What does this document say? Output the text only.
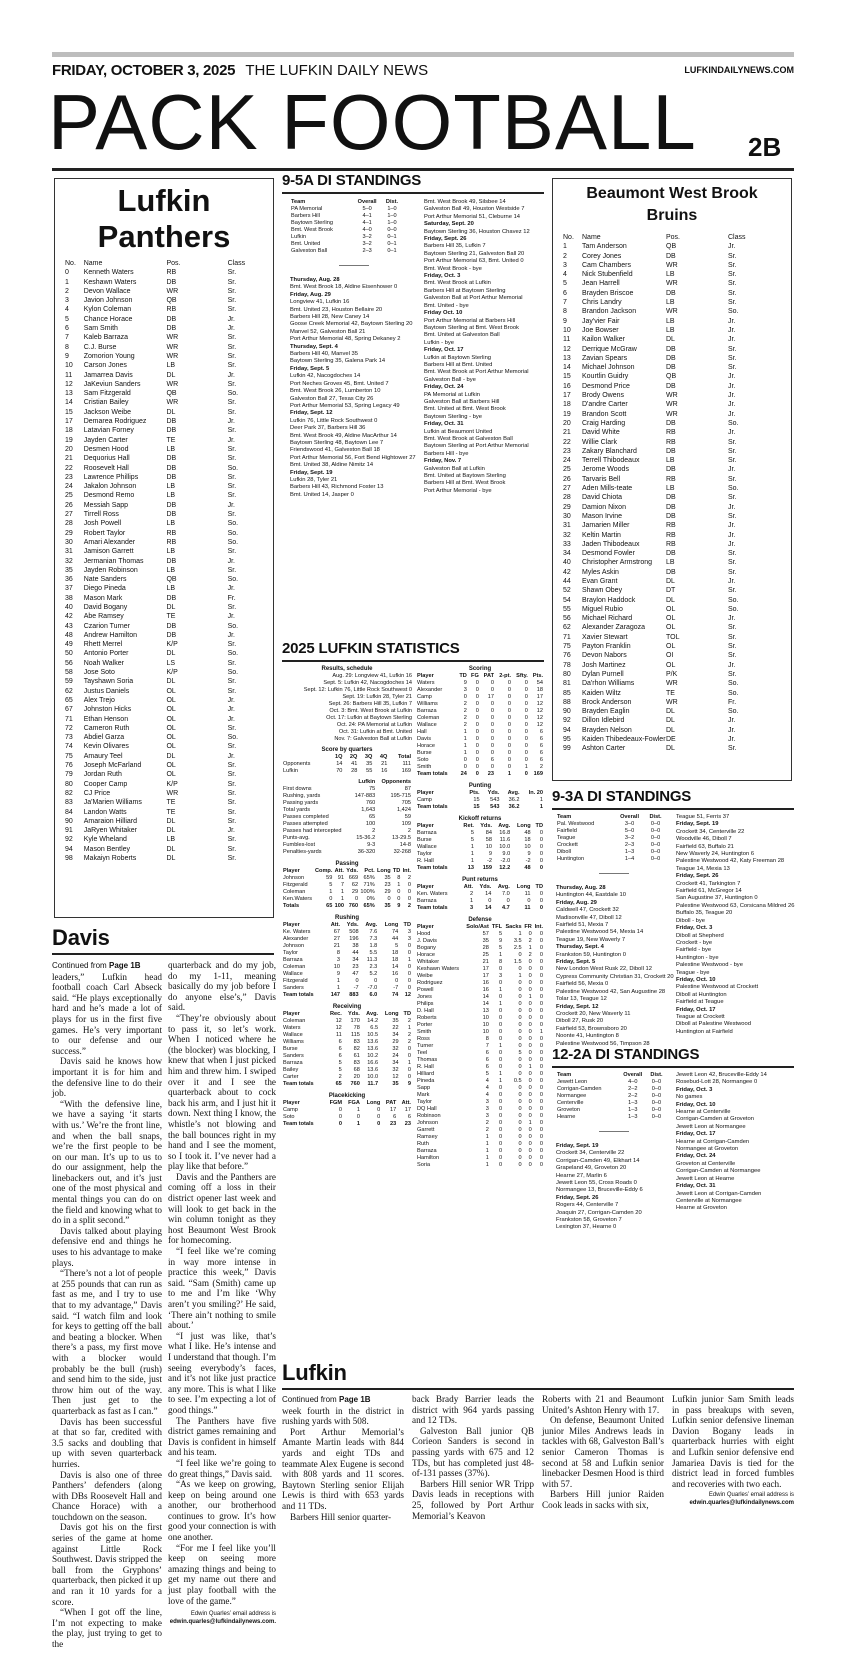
FRIDAY, OCTOBER 3, 2025 THE LUFKIN DAILY NEWS	LUFKINDAILYNEWS.COM
PACK FOOTBALL 2B
Lufkin Panthers
No.	Name	Pos.	Class
0	Kenneth Waters	RB	Sr.
1	Keshawn Waters	DB	Sr.
2	Devon Wallace	WR	Sr.
3	Javion Johnson	QB	Sr.
4	Kylon Coleman	RB	Sr.
5	Chance Horace	DB	Jr.
6	Sam Smith	DB	Jr.
7	Kaleb Barraza	WR	Sr.
8	C.J. Burse	WR	Sr.
9	Zomorion Young	WR	Sr.
10	Carson Jones	LB	Sr.
11	Jamarrea Davis	DL	Jr.
12	JaKeviun Sanders	WR	Sr.
13	Sam Fitzgerald	QB	So.
14	Cristian Bailey	WR	Sr.
15	Jackson Weibe	DL	Sr.
17	Demarea Rodriguez	DB	Jr.
18	Latavian Forney	DB	Sr.
19	Jayden Carter	TE	Jr.
20	Desmen Hood	LB	Sr.
21	Dequorius Hall	DB	Sr.
22	Roosevelt Hall	DB	So.
23	Lawrence Phillips	DB	Sr.
24	Jakalon Johnson	LB	Sr.
25	Desmond Remo	LB	Sr.
26	Messiah Sapp	DB	Jr.
27	Tirrell Ross	DB	Sr.
28	Josh Powell	LB	So.
29	Robert Taylor	RB	So.
30	Amari Alexander	RB	So.
31	Jamison Garrett	LB	Sr.
32	Jermanian Thomas	DB	Jr.
35	Jayden Robinson	LB	Sr.
36	Nate Sanders	QB	So.
37	Diego Pineda	LB	Jr.
38	Mason Mark	DB	Fr.
40	David Bogany	DL	Sr.
42	Abe Ramsey	TE	Jr.
43	Czarion Turner	DB	So.
48	Andrew Hamilton	DB	Jr.
49	Rhett Merrel	K/P	Sr.
50	Antonio Porter	DL	So.
56	Noah Walker	LS	Sr.
58	Jose Soto	K/P	So.
59	Tayshawn Soria	DL	Sr.
62	Justus Daniels	OL	Sr.
65	Alex Trejo	OL	Jr.
67	Johnston Hicks	OL	Jr.
71	Ethan Henson	OL	Jr.
72	Cameron Ruth	OL	Sr.
73	Abdiel Garza	OL	So.
74	Kevin Olivares	OL	Sr.
75	Amaury Teel	DL	Jr.
76	Joseph McFarland	OL	Sr.
79	Jordan Ruth	OL	Sr.
80	Cooper Camp	K/P	Sr.
82	CJ Price	WR	Sr.
83	Ja'Marien Williams	TE	Sr.
84	Landon Watts	TE	Sr.
90	Amaraion Hilliard	DL	Sr.
91	JaRyen Whitaker	DL	Jr.
92	Kyle Wheland	LB	Sr.
94	Mason Bentley	DL	Sr.
98	Makaiyn Roberts	DL	Sr.
Beaumont West Brook Bruins
No.	Name	Pos.	Class
1	Tam Anderson	QB	Jr.
2	Corey Jones	DB	Sr.
3	Cam Chambers	WR	Sr.
4	Nick Stubenfield	LB	Sr.
5	Jean Harrell	WR	Sr.
6	Brayden Briscoe	DB	Sr.
7	Chris Landry	LB	Sr.
8	Brandon Jackson	WR	So.
9	Jay'vier Fair	LB	Jr.
10	Joe Bowser	LB	Jr.
11	Kailon Walker	DL	Jr.
12	Derrique McGraw	DB	Sr.
13	Zavian Spears	DB	Sr.
14	Michael Johnson	DB	Sr.
15	Kourtlin Guidry	QB	Jr.
16	Desmond Price	DB	Jr.
17	Brody Owens	WR	Jr.
18	D'andre Carter	WR	Jr.
19	Brandon Scott	WR	Jr.
20	Craig Harding	DB	So.
21	David White	RB	Jr.
22	Willie Clark	RB	Sr.
23	Zakary Blanchard	DB	Sr.
24	Terrell Thibodeaux	LB	Sr.
25	Jerome Woods	DB	Jr.
26	Tarvaris Bell	RB	Sr.
27	Aden Mills-teate	LB	So.
28	David Chiota	DB	Sr.
29	Damion Nixon	DB	Jr.
30	Mason Irvine	DB	Sr.
31	Jamarien Miller	RB	Jr.
32	Keltin Martin	RB	Jr.
33	Jaden Thibodeaux	RB	Jr.
34	Desmond Fowler	DB	Sr.
40	Christopher Armstrong	LB	Sr.
42	Myles Askin	DB	Sr.
44	Evan Grant	DL	Jr.
52	Shawn Obey	DT	Sr.
54	Braylon Haddock	DL	So.
55	Miguel Rubio	OL	So.
56	Michael Richard	OL	Jr.
62	Alexander Zaragoza	OL	Sr.
71	Xavier Stewart	TOL	Sr.
75	Payton Franklin	OL	Sr.
76	Devon Nabors	OI	Sr.
78	Josh Martinez	OL	Jr.
80	Dylan Purnell	P/K	Sr.
81	Da'rhon Williams	WR	So.
85	Kaiden Wiltz	TE	So.
88	Brock Anderson	WR	Fr.
90	Brayden Eaglin	DL	So.
92	Dillon Idlebird	DL	Jr.
94	Brayden Nelson	DL	Jr.
95	Kaiden Thibedeaux-Fowler DE	Jr.
99	Ashton Carter	DL	Sr.
9-5A DI STANDINGS
Team	Overall	Dist.
PA Memorial	5–0	1–0
Barbers Hill	4–1	1–0
Baytown Sterling	4–1	1–0
Bmt. West Brook	4–0	0–0
Lufkin	3–2	0–1
Bmt. United	3–2	0–1
Galveston Ball	2–3	0–1
Thursday, Aug. 28
Bmt. West Brook 18, Aldine Eisenhower 0
Friday, Aug. 29
Longview 41, Lufkin 16
Bmt. United 23, Houston Bellaire 20
Barbers Hill 28, New Caney 14
Goose Creek Memorial 42, Baytown Sterling 20
Manvel 52, Galveston Ball 21
Port Arthur Memorial 48, Spring Dekaney 2
Thursday, Sept. 4
Barbers Hill 40, Manvel 35
Baytown Sterling 35, Galena Park 14
Friday, Sept. 5
Lufkin 42, Nacogdoches 14
Port Neches Groves 45, Bmt. United 7
Bmt. West Brook 26, Lumberton 10
Galveston Ball 27, Texas City 26
Port Arthur Memorial 53, Spring Legacy 49
Friday, Sept. 12
Lufkin 76, Little Rock Southwest 0
Deer Park 37, Barbers Hill 36
Bmt. West Brook 49, Aldine MacArthur 14
Baytown Sterling 48, Baytown Lee 7
Friendswood 41, Galveston Ball 18
Port Arthur Memorial 56, Fort Bend Hightower 27
Bmt. United 38, Aldine Nimitz 14
Friday, Sept. 19
Lufkin 28, Tyler 21
Barbers Hill 43, Richmond Foster 13
Bmt. United 14, Jasper 0
Bmt. West Brook 49, Silsbee 14
Galveston Ball 49, Houston Westside 7
Port Arthur Memorial 51, Cleburne 14
Saturday, Sept. 20
Baytown Sterling 36, Houston Chavez 12
Friday, Sept. 26
Barbers Hill 35, Lufkin 7
Baytown Sterling 21, Galveston Ball 20
Port Arthur Memorial 63, Bmt. United 0
Bmt. West Brook - bye
Friday, Oct. 3
Bmt. West Brook at Lufkin
Barbers Hill at Baytown Sterling
Galveston Ball at Port Arthur Memorial
Bmt. United - bye
Friday Oct. 10
Port Arthur Memorial at Barbers Hill
Baytown Sterling at Bmt. West Brook
Bmt. United at Galveston Ball
Lufkin - bye
Friday, Oct. 17
Lufkin at Baytown Sterling
Barbers Hill at Bmt. United
Bmt. West Brook at Port Arthur Memorial
Galveston Ball - bye
Friday, Oct. 24
PA Memorial at Lufkin
Galveston Ball at Barbers Hill
Bmt. United at Bmt. West Brook
Baytown Sterling - bye
Friday, Oct. 31
Lufkin at Beaumont United
Bmt. West Brook at Galveston Ball
Baytown Sterling at Port Arthur Memorial
Barbers Hill - bye
Friday, Nov. 7
Galveston Ball at Lufkin
Bmt. United at Baytown Sterling
Barbers Hill at Bmt. West Brook
Port Arthur Memorial - bye
2025 LUFKIN STATISTICS
Results, schedule
Aug. 29: Longview 41, Lufkin 16
Sept. 5: Lufkin 42, Nacogdoches 14
Sept. 12: Lufkin 76, Little Rock Southwest 0
Sept. 19: Lufkin 28, Tyler 21
Sept. 26: Barbers Hill 35, Lufkin 7
Oct. 3: Bmt. West Brook at Lufkin
Oct. 17: Lufkin at Baytown Sterling
Oct. 24: PA Memorial at Lufkin
Oct. 31: Lufkin at Bmt. United
Nov. 7: Galveston Ball at Lufkin
Score by quarters
	1Q	2Q	3Q	4Q	Total
Opponents	14	41	35	21	111
Lufkin	70	28	55	16	169
	Lufkin	Opponents
First downs	75	87
Rushing, yards	147-883	195-715
Passing yards	760	705
Total yards	1,643	1,424
Passes completed	65	59
Passes attempted	100	109
Passes had intercepted	2	2
Punts-avg.	15-36.2	13-29.5
Fumbles-lost	9-3	14-8
Penalties-yards	36-320	32-268
Passing
Player	Comp.	Att.	Yds.	Pct.	Long	TD	Int.
Johnson	59	91	669	65%	35	8	2
Fitzgerald	5	7	62	71%	23	1	0
Coleman	1	1	29	100%	29	0	0
Ken.Waters	0	1	0	0%	0	0	0
Totals	65	100	760	65%	35	9	2
Rushing
Player	Att.	Yds.	Avg.	Long	TD
Ke. Waters	67	508	7.6	74	3
Alexander	27	196	7.3	44	3
Johnson	21	38	1.8	5	0
Taylor	8	44	5.5	18	0
Barraza	3	34	11.3	18	1
Coleman	10	23	2.3	14	0
Wallace	9	47	5.2	16	0
Fitzgerald	1	0	0	0	0
Sanders	1	-7	-7.0	-7	0
Team totals	147	883	6.0	74	12
Receiving
Player	Rec.	Yds.	Avg.	Long	TD
Coleman	12	170	14.2	35	2
Waters	12	78	6.5	22	1
Wallace	11	115	10.5	34	2
Williams	6	83	13.6	29	2
Burse	6	82	13.6	32	0
Sanders	6	61	10.2	24	0
Barraza	5	83	16.6	34	1
Bailey	5	68	13.6	32	0
Carter	2	20	10.0	12	0
Team totals	65	760	11.7	35	9
Placekicking
Player	FGM	FGA	Long	PAT	Att.
Camp	0	1	0	17	17
Soto	0	0	0	6	6
Team totals	0	1	0	23	23
Scoring
Player	TD	FG	PAT	2-pt.	Sfty.	Pts.
Waters	9	0	0	0	0	54
Alexander	3	0	0	0	0	18
Camp	0	0	17	0	0	17
Williams	2	0	0	0	0	12
Barraza	2	0	0	0	0	12
Coleman	2	0	0	0	0	12
Wallace	2	0	0	0	0	12
Hall	1	0	0	0	0	6
Davis	1	0	0	0	0	6
Horace	1	0	0	0	0	6
Burse	1	0	0	0	0	6
Soto	0	0	6	0	0	6
Smith	0	0	0	0	1	2
Team totals	24	0	23	1	0	169
Punting
Player	Pts.	Yds.	Avg.	In. 20
Camp	15	543	36.2	1
Team totals	15	543	36.2	1
Kickoff returns
Player	Ret.	Yds.	Avg.	Long	TD
Barraza	5	84	16.8	48	0
Burse	5	58	11.6	18	0
Wallace	1	10	10.0	10	0
Taylor	1	9	9.0	9	0
R. Hall	1	-2	-2.0	-2	0
Team totals	13	159	12.2	48	0
Punt returns
Player	Att.	Yds.	Avg.	Long	TD
Ken. Waters	2	14	7.0	11	0
Barraza	1	0	0	0	0
Team totals	3	14	4.7	11	0
Defense
Player	Solo/Ast	TFL	Sacks	FR	Int.
Hood	57	5	1	0	0
J. Davis	35	9	3.5	2	0
Bogany	28	5	2.5	1	0
Horace	25	1	0	2	0
Whitaker	21	8	1.5	0	0
Keshawn Waters	17	0	0	0	0
Weibe	17	3	1	0	0
Rodriguez	16	0	0	0	0
Powell	16	1	0	0	0
Jones	14	0	0	1	0
Philips	14	1	0	0	0
D. Hall	13	0	0	0	0
Roberts	10	0	0	0	0
Porter	10	0	0	0	0
Smith	10	0	0	0	1
Ross	8	0	0	0	0
Turner	7	1	0	0	0
Teel	6	0	5	0	0
Thomas	6	0	0	0	0
R. Hall	6	0	0	1	0
Hilliard	5	1	0	0	0
Pineda	4	1	0.5	0	0
Sapp	4	0	0	0	0
Mark	4	0	0	0	0
Taylor	3	0	0	0	0
DQ Hall	3	0	0	0	0
Robinson	3	0	0	0	0
Johnson	2	0	0	1	0
Garrett	2	0	0	0	0
Ramsey	1	0	0	0	0
Ruth	1	0	0	0	0
Barraza	1	0	0	0	0
Hamilton	1	0	0	0	0
Soria	1	0	0	0	0
9-3A DI STANDINGS
Team	Overall	Dist.
Pal. Westwood	3–0	0–0
Fairfield	5–0	0–0
Teague	3–2	0–0
Crockett	2–3	0–0
Diboll	1–3	0–0
Huntington	1–4	0–0
Thursday, Aug. 28
Huntington 44, Eastdale 10
Friday, Aug. 29
Caldwell 47, Crockett 32
Madisonville 47, Diboll 12
Fairfield 51, Mexia 7
Palestine Westwood 54, Mexia 14
Teague 19, New Waverly 7
Thursday, Sept. 4
Frankston 59, Huntington 0
Friday, Sept. 5
New London West Rusk 22, Diboll 12
Cypress Community Christian 31, Crockett 20
Fairfield 56, Mexia 0
Palestine Westwood 42, San Augustine 28
Tolar 13, Teague 12
Friday, Sept. 12
Crockett 20, New Waverly 11
Diboll 27, Rusk 20
Fairfield 53, Brownsboro 20
Noonte 41, Huntington 8
Palestine Westwood 56, Timpson 28
Teague 51, Ferris 37
Friday, Sept. 19
Crockett 34, Centerville 22
Woodville 46, Diboll 7
Fairfield 63, Buffalo 21
New Waverly 24, Huntington 6
Palestine Westwood 42, Katy Freeman 28
Teague 14, Mexia 13
Friday, Sept. 26
Crockett 41, Tarkington 7
Fairfield 61, McGregor 14
San Augustine 37, Huntington 0
Palestine Westwood 63, Corsicana Mildred 26
Buffalo 35, Teague 20
Diboll - bye
Friday, Oct. 3
Diboll at Shepherd
Crockett - bye
Fairfield - bye
Huntington - bye
Palestine Westwood - bye
Teague - bye
Friday, Oct. 10
Palestine Westwood at Crockett
Diboll at Huntington
Fairfield at Teague
Friday, Oct. 17
Teague at Crockett
Diboll at Palestine Westwood
Huntington at Fairfield
12-2A DI STANDINGS
Team	Overall	Dist.
Jewett Leon	4–0	0–0
Corrigan-Camden	2–2	0–0
Normangee	2–2	0–0
Centerville	1–3	0–0
Groveton	1–3	0–0
Hearne	1–3	0–0
Friday, Sept. 19
Crockett 34, Centerville 22
Corrigan-Camden 49, Elkhart 14
Grapeland 49, Groveton 20
Hearne 27, Marlin 6
Jewett Leon 55, Cross Roads 0
Normangee 13, Bruceville-Eddy 6
Friday, Sept. 26
Rogers 44, Centerville 7
Joaquin 27, Corrigan-Camden 20
Frankston 58, Groveton 7
Lexington 37, Hearne 0
Jewett Leon 42, Bruceville-Eddy 14
Rosebud-Lott 28, Normangee 0
Friday, Oct. 3
No games
Friday, Oct. 10
Hearne at Centerville
Corrigan-Camden at Groveton
Jewett Leon at Normangee
Friday, Oct. 17
Hearne at Corrigan-Camden
Normangee at Groveton
Friday, Oct. 24
Groveton at Centerville
Corrigan-Camden at Normangee
Jewett Leon at Hearne
Friday, Oct. 31
Jewett Leon at Corrigan-Camden
Centerville at Normangee
Hearne at Groveton
Davis

Continued from Page 1B

leaders,” Lufkin head football coach Carl Abseck said. “He plays exceptionally hard and he’s made a lot of plays for us in the first five games. He’s very important to our defense and our success.”

Davis said he knows how important it is for him and the defensive line to do their job.

“With the defensive line, we have a saying ‘it starts with us.’ We’re the front line, and when the ball snaps, we’re the first people to be on our man. It’s up to us to do our assignment, help the linebackers out, and it’s just one of the most physical and mental things you can do on the field and knowing what to do in a split second.”

Davis talked about playing defensive end and things he uses to his advantage to make plays.

“There’s not a lot of people at 255 pounds that can run as fast as me, and I try to use that to my advantage,” Davis said. “I watch film and look for keys to getting off the ball and beating a blocker. When there’s a pass, my first move with a blocker would probably be the bull (rush) and send him to the side, just throw him out of the way. Then just get to the quarterback as fast as I can.”

Davis has been successful at that so far, credited with 3.5 sacks and doubling that up with seven quarterback hurries.

Davis is also one of three Panthers’ defenders (along with DBs Roosevelt Hall and Chance Horace) with a touchdown on the season.

Davis got his on the first series of the game at home against Little Rock Southwest. Davis stripped the ball from the Gryphons’ quarterback, then picked it up and ran it 10 yards for a score.

“When I got off the line, I’m not expecting to make the play, just trying to get to the

quarterback and do my job, do my 1-11, meaning basically do my job before I do anyone else’s,” Davis said.

“They’re obviously about to pass it, so let’s work. When I noticed where he (the blocker) was blocking, I knew that when I just picked him and threw him. I swiped over it and I see the quarterback about to cock back his arm, and I just hit it down. Next thing I know, the whistle’s not blowing and the ball bounces right in my hand and I see the moment, so I took it. I’ve never had a play like that before.”

Davis and the Panthers are coming off a loss in their district opener last week and will look to get back in the win column tonight as they host Beaumont West Brook for homecoming.

“I feel like we’re coming in way more intense in practice this week,” Davis said. “Sam (Smith) came up to me and I’m like ‘Why aren’t you smiling?’ He said, ‘There ain’t nothing to smile about.’

“I just was like, that’s what I like. He’s intense and I understand that though. I’m seeing everybody’s faces, and it’s not like just practice any more. This is what I like to see. I’m expecting a lot of good things.”

The Panthers have five district games remaining and Davis is confident in himself and his team.

“I feel like we’re going to do great things,” Davis said.

“As we keep on growing, keep on being around one another, our brotherhood continues to grow. It’s how good your connection is with one another.

“For me I feel like you’ll keep on seeing more amazing things and being to get my name out there and just play football with the love of the game.”

Edwin Quarles’ email address is
edwin.quarles@lufkindailynews.com.
Lufkin

Continued from Page 1B

week fourth in the district in rushing yards with 508.

Port Arthur Memorial’s Amante Martin leads with 844 yards and eight TDs and teammate Alex Eugene is second with 808 yards and 11 scores. Baytown Sterling senior Elijah Lewis is third with 653 yards and 11 TDs.

Barbers Hill senior quarter-

back Brady Barrier leads the district with 964 yards passing and 12 TDs.

Galveston Ball junior QB Corieon Sanders is second in passing yards with 675 and 12 TDs, but has completed just 48-of-131 passes (37%).

Barbers Hill senior WR Tripp Davis leads in receptions with 25, followed by Port Arthur Memorial’s Keavon

Roberts with 21 and Beaumont United’s Ashton Henry with 17.

On defense, Beaumont United junior Miles Andrews leads in tackles with 68, Galveston Ball’s senior Cameron Thomas is second at 58 and Lufkin senior linebacker Desmen Hood is third with 57.

Barbers Hill junior Raiden Cook leads in sacks with six,

Lufkin junior Sam Smith leads in pass breakups with seven, Lufkin senior defensive lineman Davion Bogany leads in quarterback hurries with eight and Lufkin senior defensive end Jamariea Davis is tied for the district lead in forced fumbles and recoveries with two each.

Edwin Quarles’ email address is
edwin.quarles@lufkindailynews.com
